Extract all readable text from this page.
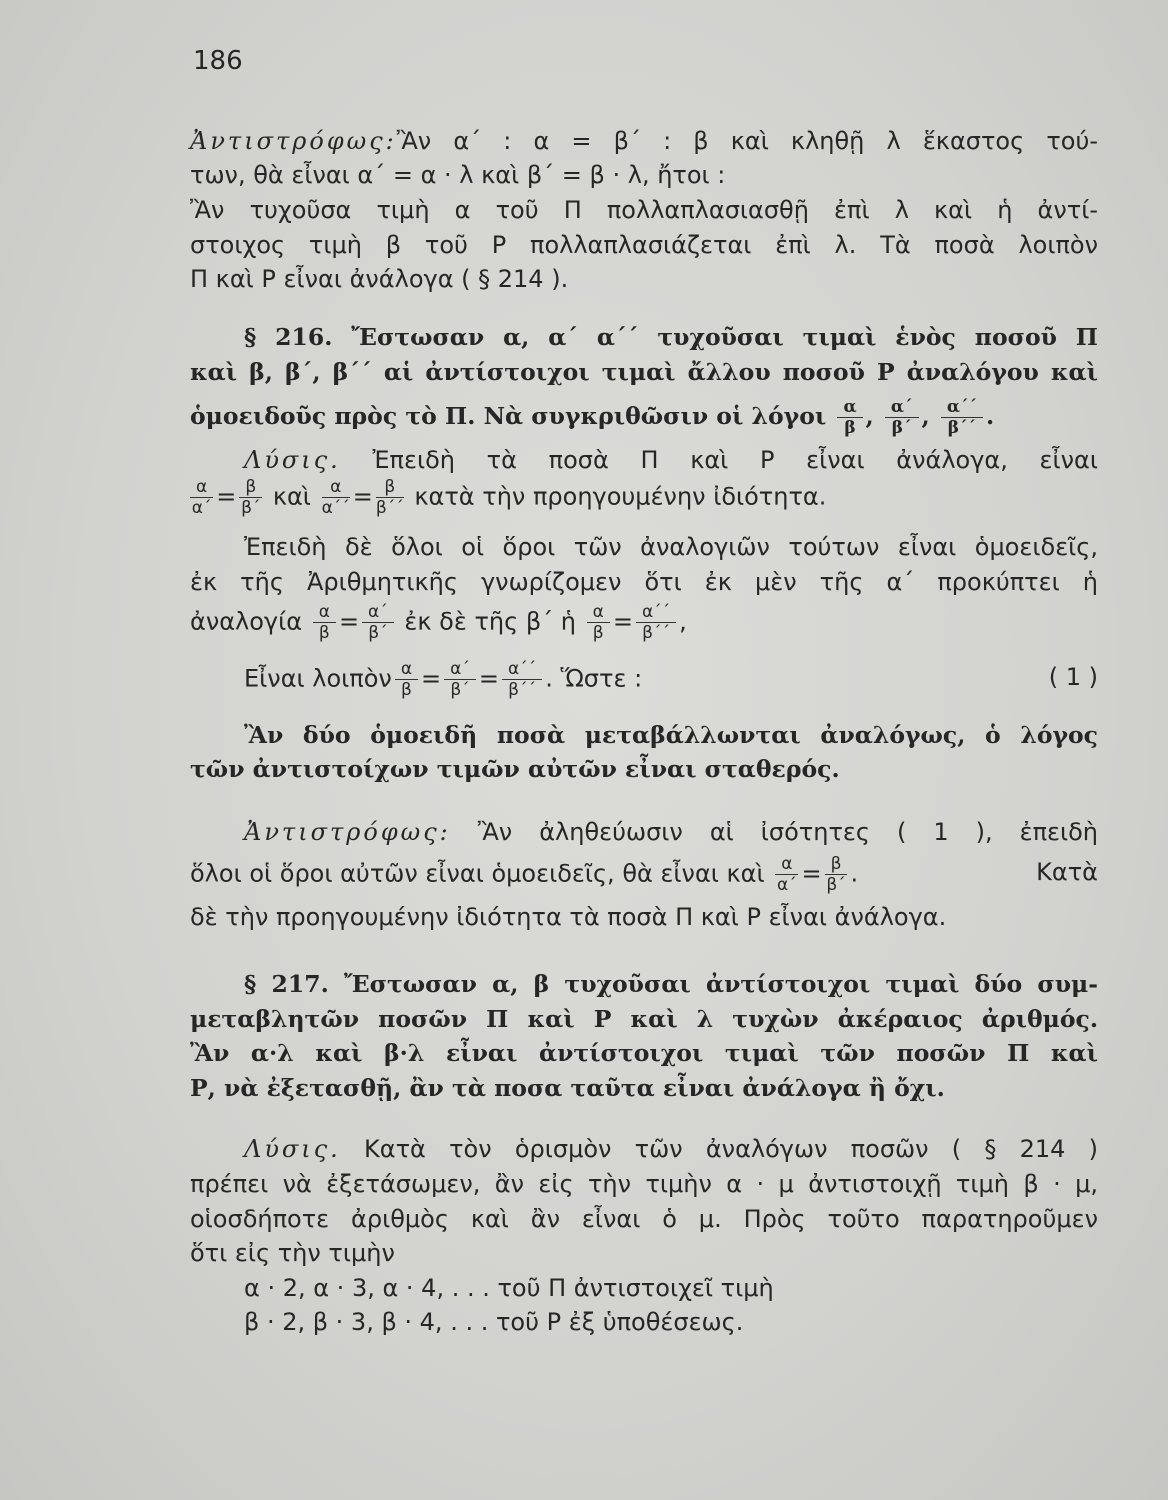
186
Ἀντιστρόφως:Ἂν α΄ : α = β΄ : β καὶ κληθῇ λ ἕκαστος τού-
των, θὰ εἶναι α΄ = α · λ καὶ β΄ = β · λ, ἤτοι :
Ἂν τυχοῦσα τιμὴ α τοῦ Π πολλαπλασιασθῇ ἐπὶ λ καὶ ἡ ἀντί-
στοιχος τιμὴ β τοῦ Ρ πολλαπλασιάζεται ἐπὶ λ. Τὰ ποσὰ λοιπὸν
Π καὶ Ρ εἶναι ἀνάλογα ( § 214 ).
§ 216. Ἔστωσαν α, α΄ α΄΄ τυχοῦσαι τιμαὶ ἑνὸς ποσοῦ Π
καὶ β, β΄, β΄΄ αἱ ἀντίστοιχοι τιμαὶ ἄλλου ποσοῦ Ρ ἀναλόγου καὶ
ὁμοειδοῦς πρὸς τὸ Π. Νὰ συγκριθῶσιν οἱ λόγοι $\frac{\alpha}{\beta}$ , $\frac{\alpha΄}{\beta΄}$ , $\frac{\alpha΄΄}{\beta΄΄}$ .
Λύσις. Ἐπειδὴ τὰ ποσὰ Π καὶ Ρ εἶναι ἀνάλογα, εἶναι
$\frac{\alpha}{\alpha΄} = \frac{\beta}{\beta΄}$ καὶ $\frac{\alpha}{\alpha΄΄} = \frac{\beta}{\beta΄΄}$ κατὰ τὴν προηγουμένην ἰδιότητα.
Ἐπειδὴ δὲ ὅλοι οἱ ὅροι τῶν ἀναλογιῶν τούτων εἶναι ὁμοειδεῖς,
ἐκ τῆς Ἀριθμητικῆς γνωρίζομεν ὅτι ἐκ μὲν τῆς α΄ προκύπτει ἡ
ἀναλογία $\frac{\alpha}{\beta} = \frac{\alpha΄}{\beta΄}$ ἐκ δὲ τῆς β΄ ἡ $\frac{\alpha}{\beta} = \frac{\alpha΄΄}{\beta΄΄}$ ,
Εἶναι λοιπὸν $\frac{\alpha}{\beta} = \frac{\alpha΄}{\beta΄} = \frac{\alpha΄΄}{\beta΄΄}$ . Ὥστε :	( 1 )
Ἂν δύο ὁμοειδῆ ποσὰ μεταβάλλωνται ἀναλόγως, ὁ λόγος
τῶν ἀντιστοίχων τιμῶν αὐτῶν εἶναι σταθερός.
Ἀντιστρόφως: Ἂν ἀληθεύωσιν αἱ ἰσότητες ( 1 ), ἐπειδὴ
ὅλοι οἱ ὅροι αὐτῶν εἶναι ὁμοειδεῖς, θὰ εἶναι καὶ $\frac{\alpha}{\alpha΄} = \frac{\beta}{\beta΄}$ .	Κατὰ
δὲ τὴν προηγουμένην ἰδιότητα τὰ ποσὰ Π καὶ Ρ εἶναι ἀνάλογα.
§ 217. Ἔστωσαν α, β τυχοῦσαι ἀντίστοιχοι τιμαὶ δύο συμ-
μεταβλητῶν ποσῶν Π καὶ Ρ καὶ λ τυχὼν ἀκέραιος ἀριθμός.
Ἂν α·λ καὶ β·λ εἶναι ἀντίστοιχοι τιμαὶ τῶν ποσῶν Π καὶ
Ρ, νὰ ἐξετασθῇ, ἂν τὰ ποσα ταῦτα εἶναι ἀνάλογα ἢ ὄχι.
Λύσις. Κατὰ τὸν ὁρισμὸν τῶν ἀναλόγων ποσῶν ( § 214 )
πρέπει νὰ ἐξετάσωμεν, ἂν εἰς τὴν τιμὴν α · μ ἀντιστοιχῇ τιμὴ β · μ,
οἱοσδήποτε ἀριθμὸς καὶ ἂν εἶναι ὁ μ. Πρὸς τοῦτο παρατηροῦμεν
ὅτι εἰς τὴν τιμὴν
α · 2, α · 3, α · 4, . . . τοῦ Π ἀντιστοιχεῖ τιμὴ
β · 2, β · 3, β · 4, . . . τοῦ Ρ ἐξ ὑποθέσεως.
